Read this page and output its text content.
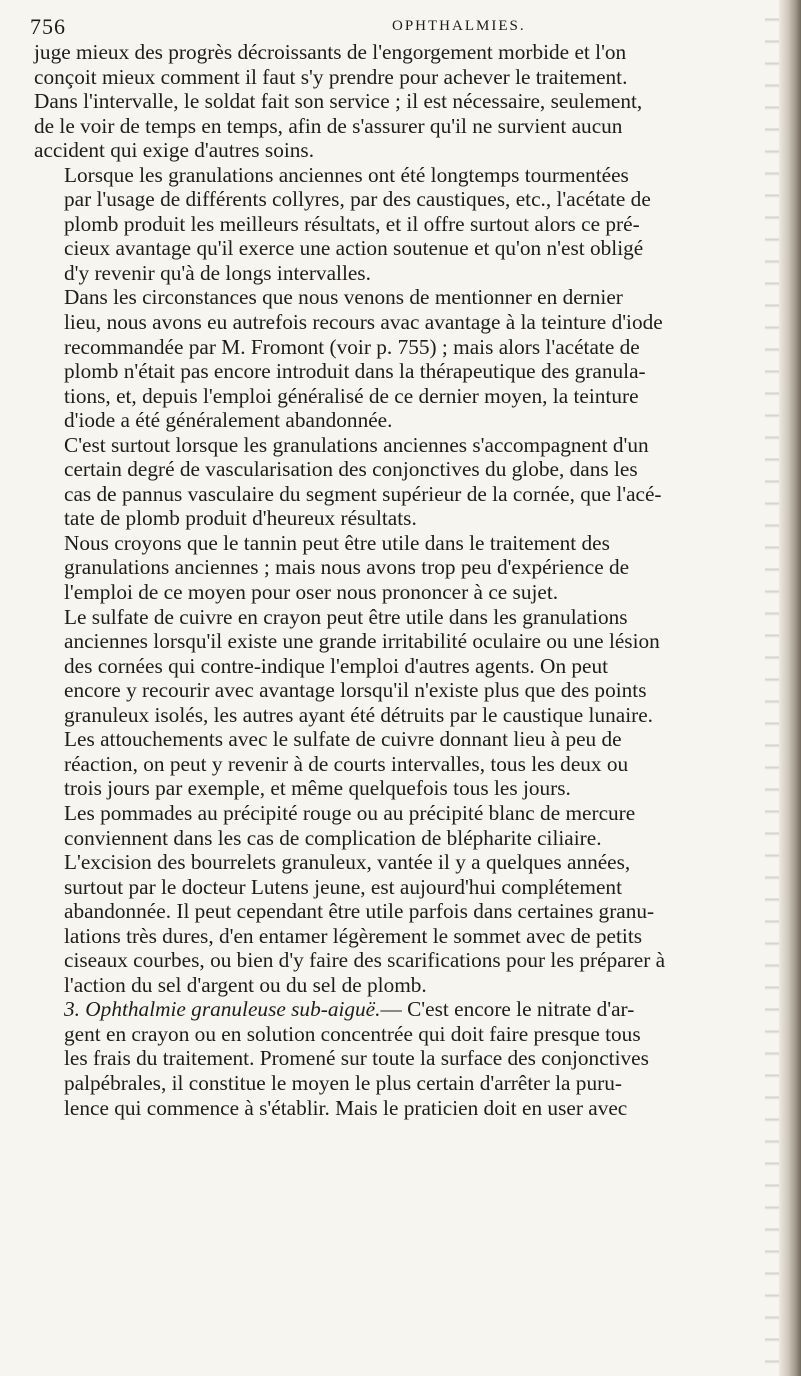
756	OPHTHALMIES.

juge mieux des progrès décroissants de l'engorgement morbide et l'on
conçoit mieux comment il faut s'y prendre pour achever le traitement.
Dans l'intervalle, le soldat fait son service ; il est nécessaire, seulement,
de le voir de temps en temps, afin de s'assurer qu'il ne survient aucun
accident qui exige d'autres soins.

Lorsque les granulations anciennes ont été longtemps tourmentées
par l'usage de différents collyres, par des caustiques, etc., l'acétate de
plomb produit les meilleurs résultats, et il offre surtout alors ce pré-
cieux avantage qu'il exerce une action soutenue et qu'on n'est obligé
d'y revenir qu'à de longs intervalles.

Dans les circonstances que nous venons de mentionner en dernier
lieu, nous avons eu autrefois recours avac avantage à la teinture d'iode
recommandée par M. Fromont (voir p. 755) ; mais alors l'acétate de
plomb n'était pas encore introduit dans la thérapeutique des granula-
tions, et, depuis l'emploi généralisé de ce dernier moyen, la teinture
d'iode a été généralement abandonnée.

C'est surtout lorsque les granulations anciennes s'accompagnent d'un
certain degré de vascularisation des conjonctives du globe, dans les
cas de pannus vasculaire du segment supérieur de la cornée, que l'acé-
tate de plomb produit d'heureux résultats.

Nous croyons que le tannin peut être utile dans le traitement des
granulations anciennes ; mais nous avons trop peu d'expérience de
l'emploi de ce moyen pour oser nous prononcer à ce sujet.

Le sulfate de cuivre en crayon peut être utile dans les granulations
anciennes lorsqu'il existe une grande irritabilité oculaire ou une lésion
des cornées qui contre-indique l'emploi d'autres agents. On peut
encore y recourir avec avantage lorsqu'il n'existe plus que des points
granuleux isolés, les autres ayant été détruits par le caustique lunaire.
Les attouchements avec le sulfate de cuivre donnant lieu à peu de
réaction, on peut y revenir à de courts intervalles, tous les deux ou
trois jours par exemple, et même quelquefois tous les jours.

Les pommades au précipité rouge ou au précipité blanc de mercure
conviennent dans les cas de complication de blépharite ciliaire.

L'excision des bourrelets granuleux, vantée il y a quelques années,
surtout par le docteur Lutens jeune, est aujourd'hui complétement
abandonnée. Il peut cependant être utile parfois dans certaines granu-
lations très dures, d'en entamer légèrement le sommet avec de petits
ciseaux courbes, ou bien d'y faire des scarifications pour les préparer à
l'action du sel d'argent ou du sel de plomb.

3. Ophthalmie granuleuse sub-aiguë.— C'est encore le nitrate d'ar-
gent en crayon ou en solution concentrée qui doit faire presque tous
les frais du traitement. Promené sur toute la surface des conjonctives
palpébrales, il constitue le moyen le plus certain d'arrêter la puru-
lence qui commence à s'établir. Mais le praticien doit en user avec
